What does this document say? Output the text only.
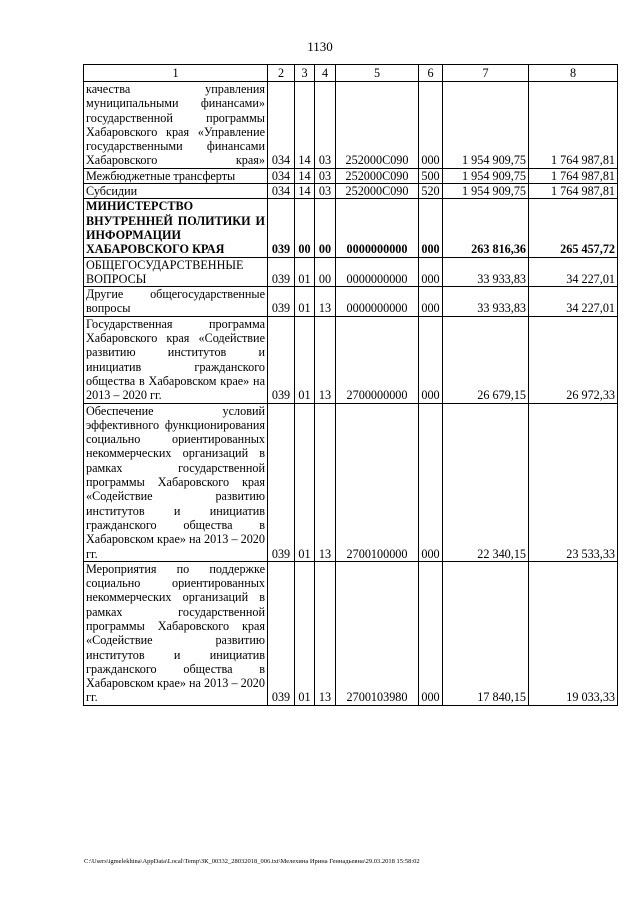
1130
1	2	3	4	5	6	7	8
качества управления муниципальными финансами» государственной программы Хабаровского края «Управление государственными финансами Хабаровского края»	034	14	03	252000С090	000	1 954 909,75	1 764 987,81
Межбюджетные трансферты	034	14	03	252000С090	500	1 954 909,75	1 764 987,81
Субсидии	034	14	03	252000С090	520	1 954 909,75	1 764 987,81
МИНИСТЕРСТВО ВНУТРЕННЕЙ ПОЛИТИКИ И ИНФОРМАЦИИ ХАБАРОВСКОГО КРАЯ	039	00	00	0000000000	000	263 816,36	265 457,72
ОБЩЕГОСУДАРСТВЕННЫЕ ВОПРОСЫ	039	01	00	0000000000	000	33 933,83	34 227,01
Другие общегосударственные вопросы	039	01	13	0000000000	000	33 933,83	34 227,01
Государственная программа Хабаровского края «Содействие развитию институтов и инициатив гражданского общества в Хабаровском крае» на 2013 – 2020 гг.	039	01	13	2700000000	000	26 679,15	26 972,33
Обеспечение условий эффективного функционирования социально ориентированных некоммерческих организаций в рамках государственной программы Хабаровского края «Содействие развитию институтов и инициатив гражданского общества в Хабаровском крае» на 2013 – 2020 гг.	039	01	13	2700100000	000	22 340,15	23 533,33
Мероприятия по поддержке социально ориентированных некоммерческих организаций в рамках государственной программы Хабаровского края «Содействие развитию институтов и инициатив гражданского общества в Хабаровском крае» на 2013 – 2020 гг.	039	01	13	2700103980	000	17 840,15	19 033,33
C:\Users\igmelekhina\AppData\Local\Temp\ЗК_00332_28032018_006.txt\Мелехина Ирина Геннадьевна\29.03.2018 15:58:02
